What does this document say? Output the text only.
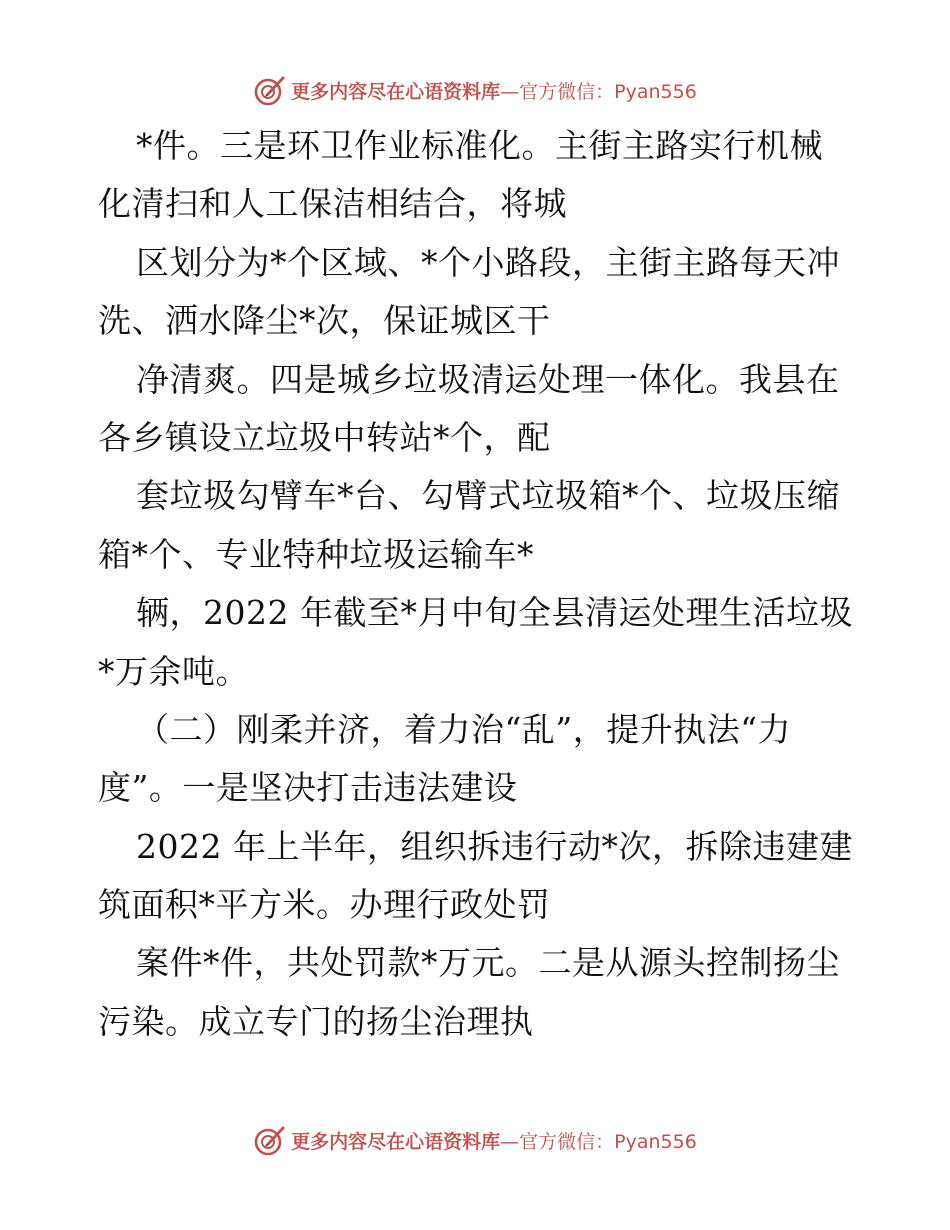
更多内容尽在心语资料库 —官方微信：Pyan556
*件。三是环卫作业标准化。主街主路实行机械
化清扫和人工保洁相结合，将城
区划分为*个区域、*个小路段，主街主路每天冲
洗、洒水降尘*次，保证城区干
净清爽。四是城乡垃圾清运处理一体化。我县在
各乡镇设立垃圾中转站*个，配
套垃圾勾臂车*台、勾臂式垃圾箱*个、垃圾压缩
箱*个、专业特种垃圾运输车*
辆，2022 年截至*月中旬全县清运处理生活垃圾
*万余吨。
（二）刚柔并济，着力治“乱”，提升执法“力
度”。一是坚决打击违法建设
2022 年上半年，组织拆违行动*次，拆除违建建
筑面积*平方米。办理行政处罚
案件*件，共处罚款*万元。二是从源头控制扬尘
污染。成立专门的扬尘治理执
更多内容尽在心语资料库 —官方微信：Pyan556
